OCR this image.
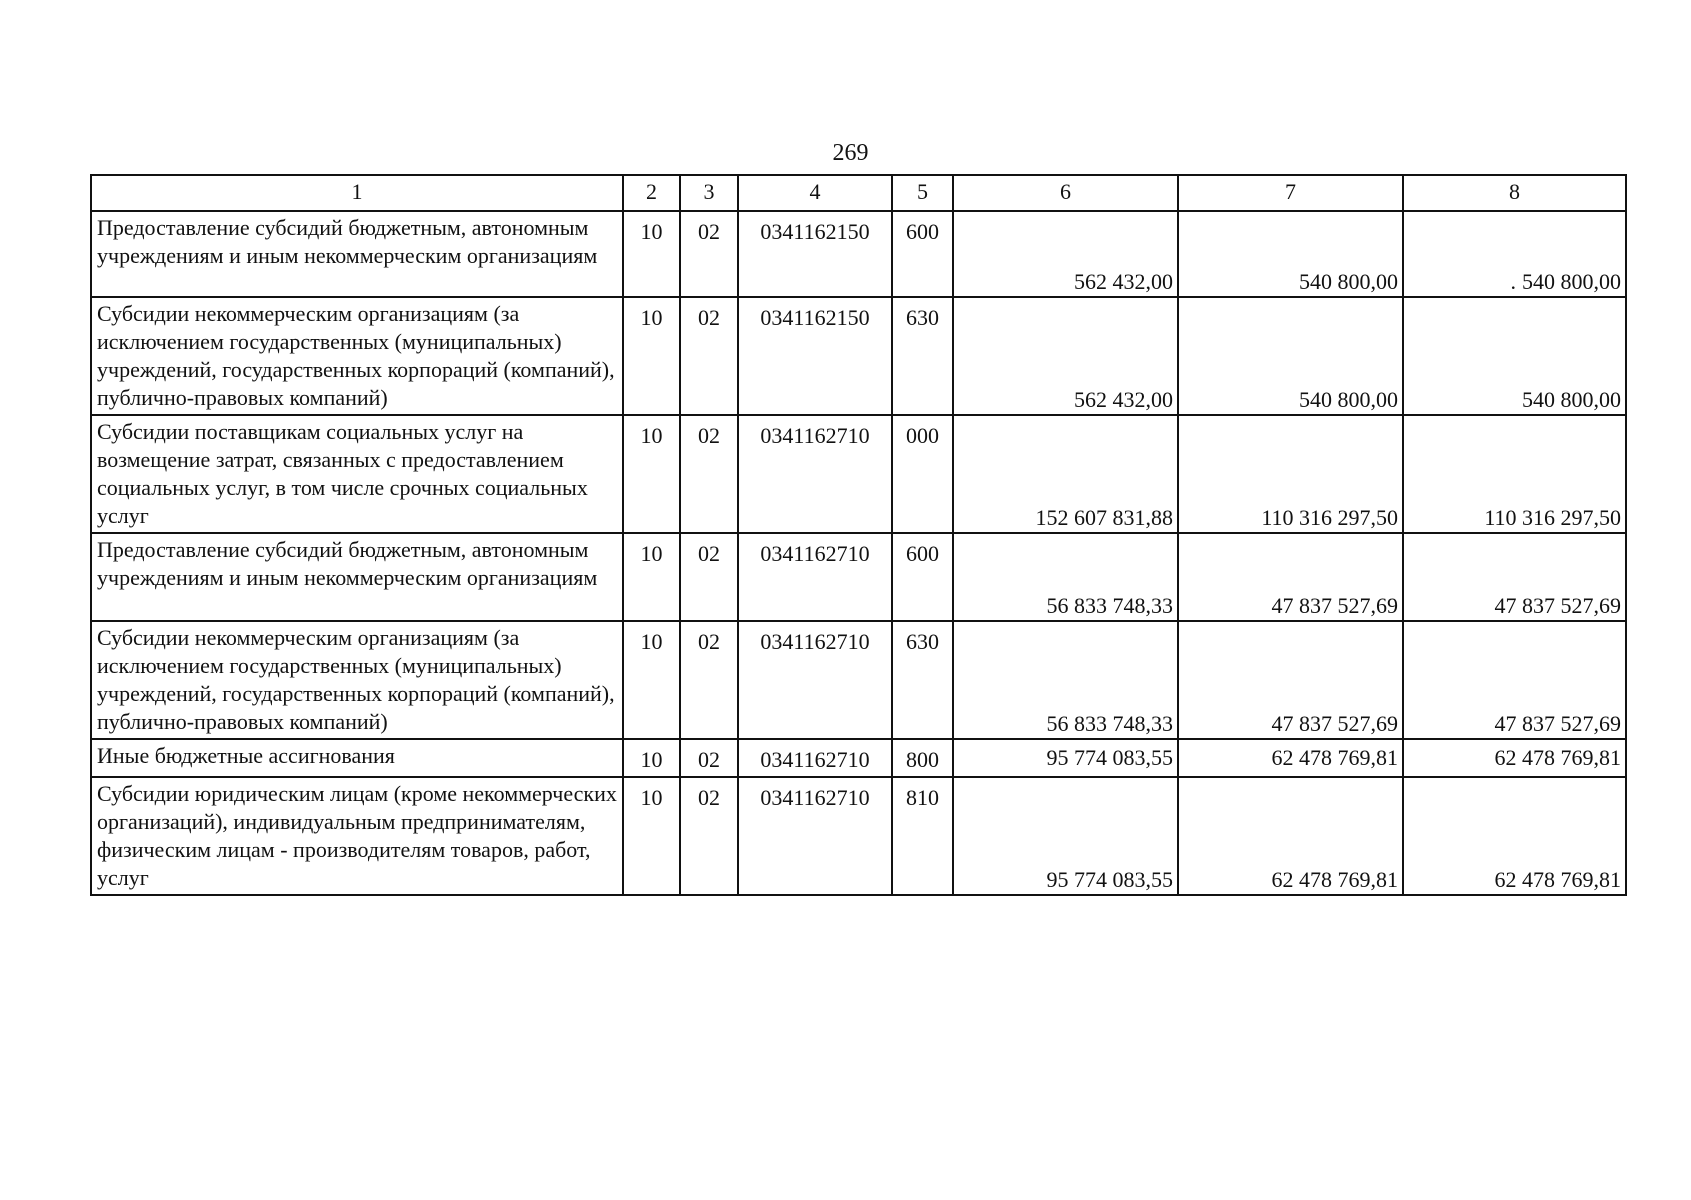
269
1	2	3	4	5	6	7	8
Предоставление субсидий бюджетным, автономным учреждениям и иным некоммерческим организациям	10	02	0341162150	600	562 432,00	540 800,00	. 540 800,00
Субсидии некоммерческим организациям (за исключением государственных (муниципальных) учреждений, государственных корпораций (компаний), публично-правовых компаний)	10	02	0341162150	630	562 432,00	540 800,00	540 800,00
Субсидии поставщикам социальных услуг на возмещение затрат, связанных с предоставлением социальных услуг, в том числе срочных социальных услуг	10	02	0341162710	000	152 607 831,88	110 316 297,50	110 316 297,50
Предоставление субсидий бюджетным, автономным учреждениям и иным некоммерческим организациям	10	02	0341162710	600	56 833 748,33	47 837 527,69	47 837 527,69
Субсидии некоммерческим организациям (за исключением государственных (муниципальных) учреждений, государственных корпораций (компаний), публично-правовых компаний)	10	02	0341162710	630	56 833 748,33	47 837 527,69	47 837 527,69
Иные бюджетные ассигнования	10	02	0341162710	800	95 774 083,55	62 478 769,81	62 478 769,81
Субсидии юридическим лицам (кроме некоммерческих организаций), индивидуальным предпринимателям, физическим лицам - производителям товаров, работ, услуг	10	02	0341162710	810	95 774 083,55	62 478 769,81	62 478 769,81
